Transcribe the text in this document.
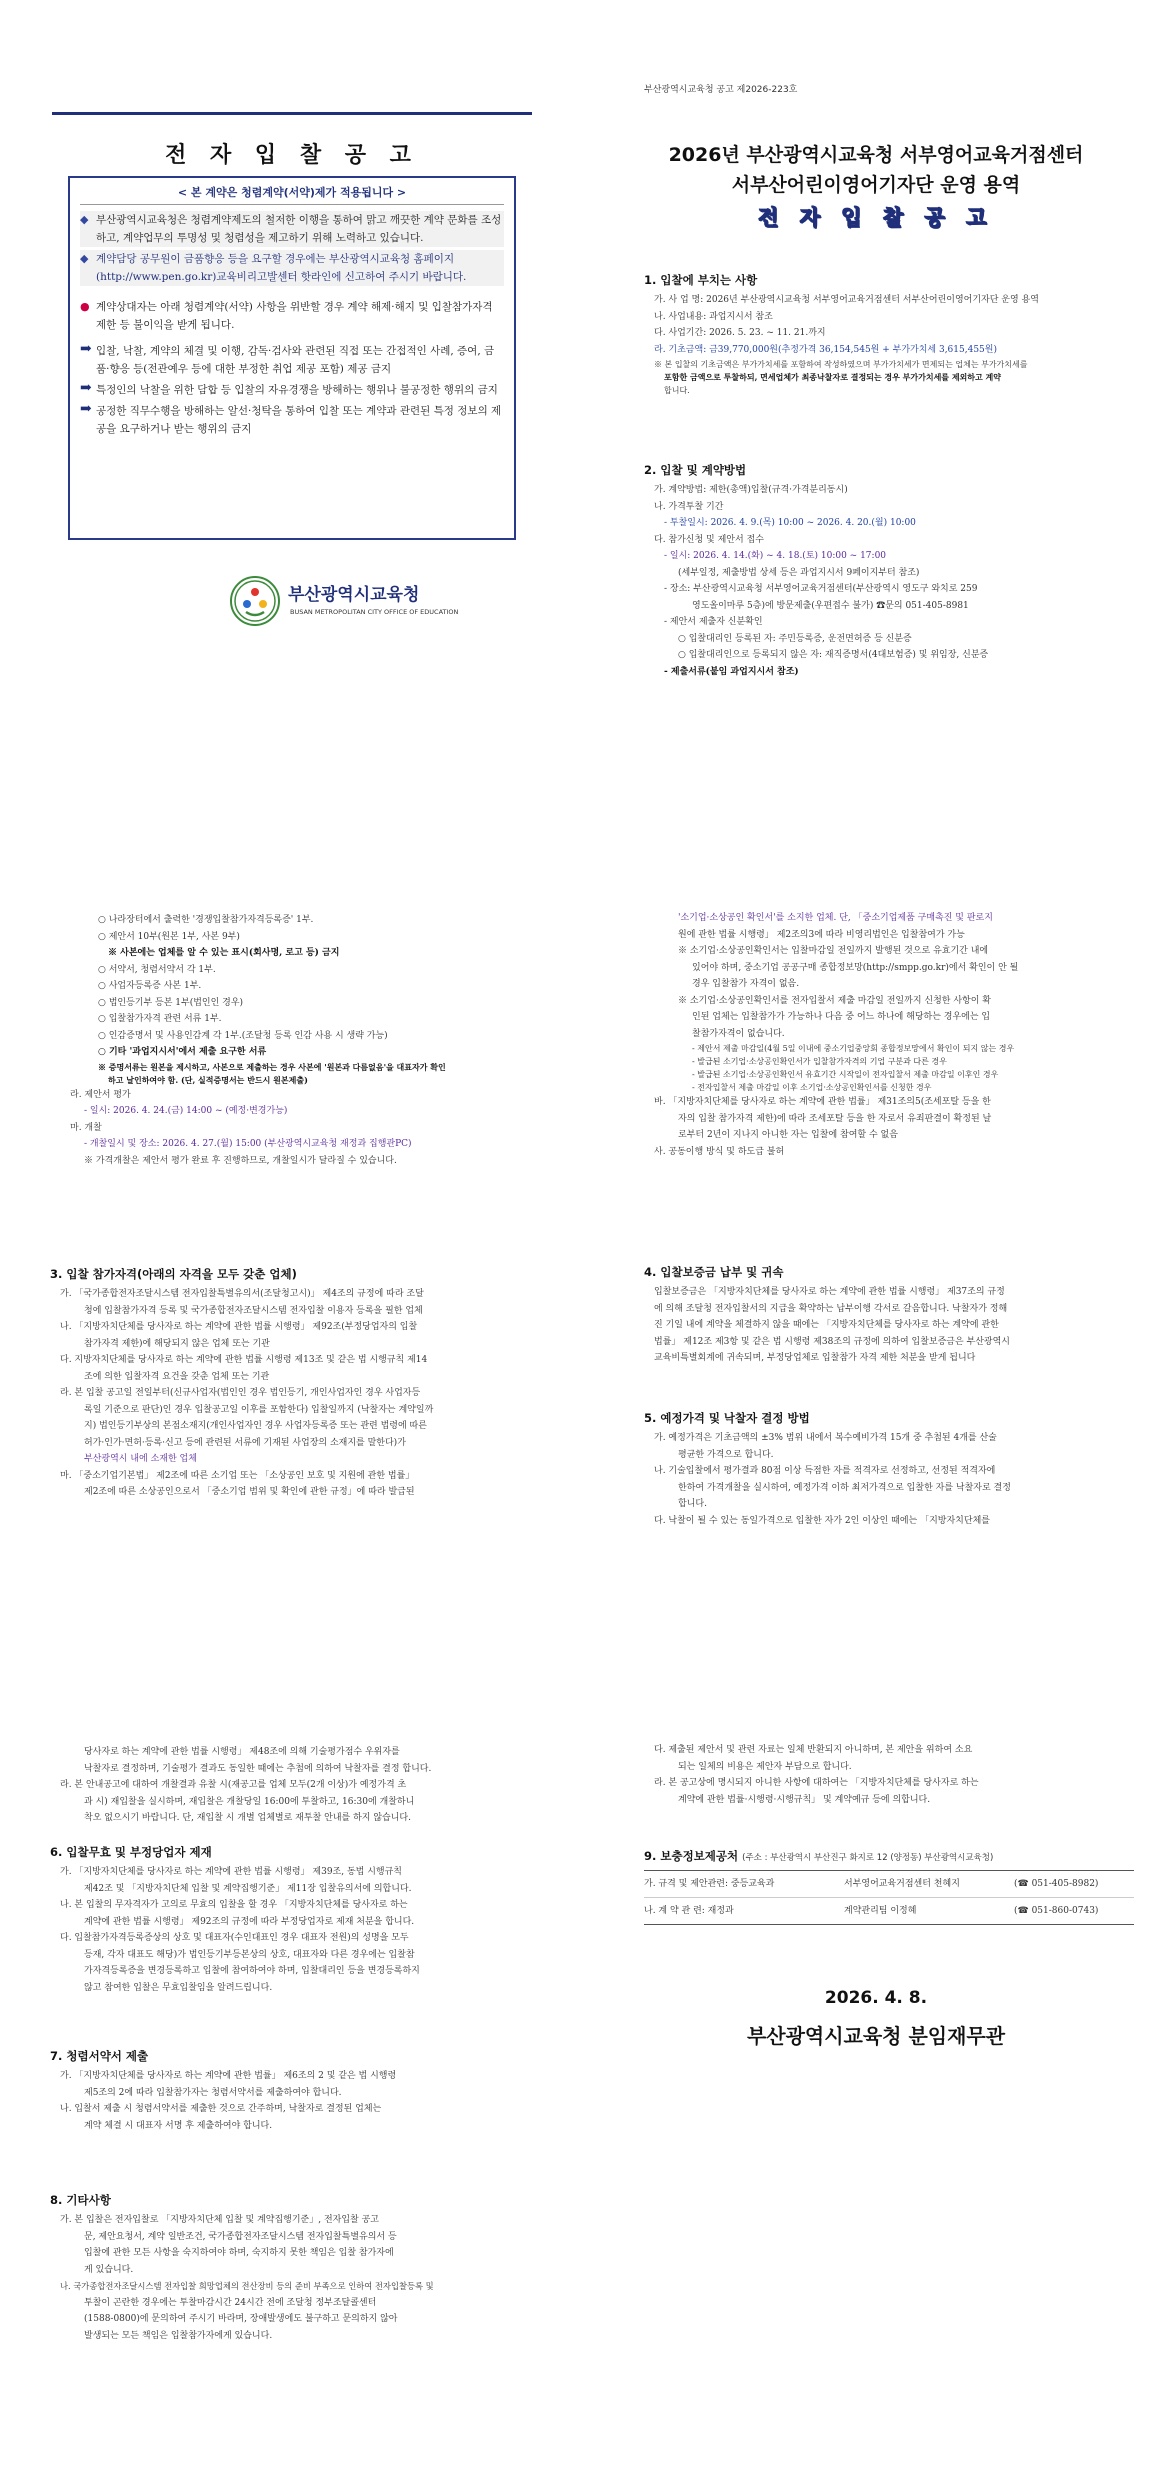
전 자 입 찰 공 고
< 본 계약은 청렴계약(서약)제가 적용됩니다 >
◆ 부산광역시교육청은 청렴계약제도의 철저한 이행을 통하여 맑고 깨끗한 계약 문화를 조성하고, 계약업무의 투명성 및 청렴성을 제고하기 위해 노력하고 있습니다.
◆ 계약담당 공무원이 금품향응 등을 요구할 경우에는 부산광역시교육청 홈페이지(http://www.pen.go.kr)교육비리고발센터 핫라인에 신고하여 주시기 바랍니다.
● 계약상대자는 아래 청렴계약(서약) 사항을 위반할 경우 계약 해제·해지 및 입찰참가자격 제한 등 불이익을 받게 됩니다.
➡ 입찰, 낙찰, 계약의 체결 및 이행, 감독·검사와 관련된 직접 또는 간접적인 사례, 증여, 금품·향응 등(전관예우 등에 대한 부정한 취업 제공 포함) 제공 금지
➡ 특정인의 낙찰을 위한 담합 등 입찰의 자유경쟁을 방해하는 행위나 불공정한 행위의 금지
➡ 공정한 직무수행을 방해하는 알선·청탁을 통하여 입찰 또는 계약과 관련된 특정 정보의 제공을 요구하거나 받는 행위의 금지
부산광역시교육청
BUSAN METROPOLITAN CITY OFFICE OF EDUCATION
부산광역시교육청 공고 제2026-223호
2026년 부산광역시교육청 서부영어교육거점센터
서부산어린이영어기자단 운영 용역
전 자 입 찰 공 고
1. 입찰에 부치는 사항
가. 사 업 명: 2026년 부산광역시교육청 서부영어교육거점센터 서부산어린이영어기자단 운영 용역
나. 사업내용: 과업지시서 참조
다. 사업기간: 2026. 5. 23. ~ 11. 21.까지
라. 기초금액: 금39,770,000원(추정가격 36,154,545원 + 부가가치세 3,615,455원)
※ 본 입찰의 기초금액은 부가가치세를 포함하여 작성하였으며 부가가치세가 면제되는 업체는 부가가치세를
포함한 금액으로 투찰하되, 면세업체가 최종낙찰자로 결정되는 경우 부가가치세를 제외하고 계약
합니다.
2. 입찰 및 계약방법
가. 계약방법: 제한(총액)입찰(규격·가격분리동시)
나. 가격투찰 기간
- 투찰일시: 2026. 4. 9.(목) 10:00 ~ 2026. 4. 20.(월) 10:00
다. 참가신청 및 제안서 접수
- 일시: 2026. 4. 14.(화) ~ 4. 18.(토) 10:00 ~ 17:00
(세부일정, 제출방법 상세 등은 과업지시서 9페이지부터 참조)
- 장소: 부산광역시교육청 서부영어교육거점센터(부산광역시 영도구 와치로 259
영도올이마루 5층)에 방문제출(우편접수 불가) ☎문의 051-405-8981
- 제안서 제출자 신분확인
○ 입찰대리인 등록된 자: 주민등록증, 운전면허증 등 신분증
○ 입찰대리인으로 등록되지 않은 자: 재직증명서(4대보험증) 및 위임장, 신분증
- 제출서류(붙임 과업지시서 참조)
○ 나라장터에서 출력한 '경쟁입찰참가자격등록증' 1부.
○ 제안서 10부(원본 1부, 사본 9부)
※ 사본에는 업체를 알 수 있는 표시(회사명, 로고 등) 금지
○ 서약서, 청렴서약서 각 1부.
○ 사업자등록증 사본 1부.
○ 법인등기부 등본 1부(법인인 경우)
○ 입찰참가자격 관련 서류 1부.
○ 인감증명서 및 사용인감계 각 1부.(조달청 등록 인감 사용 시 생략 가능)
○ 기타 '과업지시서'에서 제출 요구한 서류
※ 증명서류는 원본을 제시하고, 사본으로 제출하는 경우 사본에 '원본과 다름없음'을 대표자가 확인
하고 날인하여야 함. (단, 실적증명서는 반드시 원본제출)
라. 제안서 평가
- 일시: 2026. 4. 24.(금) 14:00 ~ (예정·변경가능)
마. 개찰
- 개찰일시 및 장소: 2026. 4. 27.(월) 15:00 (부산광역시교육청 재정과 집행관PC)
※ 가격개찰은 제안서 평가 완료 후 진행하므로, 개찰일시가 달라질 수 있습니다.
3. 입찰 참가자격(아래의 자격을 모두 갖춘 업체)
가. 「국가종합전자조달시스템 전자입찰특별유의서(조달청고시)」 제4조의 규정에 따라 조달
청에 입찰참가자격 등록 및 국가종합전자조달시스템 전자입찰 이용자 등록을 필한 업체
나. 「지방자치단체를 당사자로 하는 계약에 관한 법률 시행령」 제92조(부정당업자의 입찰
참가자격 제한)에 해당되지 않은 업체 또는 기관
다. 지방자치단체를 당사자로 하는 계약에 관한 법률 시행령 제13조 및 같은 법 시행규칙 제14
조에 의한 입찰자격 요건을 갖춘 업체 또는 기관
라. 본 입찰 공고일 전일부터(신규사업자(법인인 경우 법인등기, 개인사업자인 경우 사업자등
록일 기준으로 판단)인 경우 입찰공고일 이후를 포함한다) 입찰일까지 (낙찰자는 계약일까
지) 법인등기부상의 본점소재지(개인사업자인 경우 사업자등록증 또는 관련 법령에 따른
허가·인가·면허·등록·신고 등에 관련된 서류에 기재된 사업장의 소재지를 말한다)가
부산광역시 내에 소재한 업체
마. 「중소기업기본법」 제2조에 따른 소기업 또는 「소상공인 보호 및 지원에 관한 법률」
제2조에 따른 소상공인으로서 「중소기업 범위 및 확인에 관한 규정」에 따라 발급된
'소기업·소상공인 확인서'를 소지한 업체. 단, 「중소기업제품 구매촉진 및 판로지
원에 관한 법률 시행령」 제2조의3에 따라 비영리법인은 입찰참여가 가능
※ 소기업·소상공인확인서는 입찰마감일 전일까지 발행된 것으로 유효기간 내에
있어야 하며, 중소기업 공공구매 종합정보망(http://smpp.go.kr)에서 확인이 안 될
경우 입찰참가 자격이 없음.
※ 소기업·소상공인확인서를 전자입찰서 제출 마감일 전일까지 신청한 사항이 확
인된 업체는 입찰참가가 가능하나 다음 중 어느 하나에 해당하는 경우에는 입
찰참가자격이 없습니다.
- 제안서 제출 마감일(4월 5일 이내에 중소기업중앙회 종합정보망에서 확인이 되지 않는 경우
- 발급된 소기업·소상공인확인서가 입찰참가자격의 기업 구분과 다른 경우
- 발급된 소기업·소상공인확인서 유효기간 시작일이 전자입찰서 제출 마감일 이후인 경우
- 전자입찰서 제출 마감일 이후 소기업·소상공인확인서를 신청한 경우
바. 「지방자치단체를 당사자로 하는 계약에 관한 법률」 제31조의5(조세포탈 등을 한
자의 입찰 참가자격 제한)에 따라 조세포탈 등을 한 자로서 유죄판결이 확정된 날
로부터 2년이 지나지 아니한 자는 입찰에 참여할 수 없음
사. 공동이행 방식 및 하도급 불허
4. 입찰보증금 납부 및 귀속
입찰보증금은 「지방자치단체를 당사자로 하는 계약에 관한 법률 시행령」 제37조의 규정
에 의해 조달청 전자입찰서의 지급을 확약하는 납부이행 각서로 갈음합니다. 낙찰자가 정해
진 기일 내에 계약을 체결하지 않을 때에는 「지방자치단체를 당사자로 하는 계약에 관한
법률」 제12조 제3항 및 같은 법 시행령 제38조의 규정에 의하여 입찰보증금은 부산광역시
교육비특별회계에 귀속되며, 부정당업체로 입찰참가 자격 제한 처분을 받게 됩니다
5. 예정가격 및 낙찰자 결정 방법
가. 예정가격은 기초금액의 ±3% 범위 내에서 복수예비가격 15개 중 추첨된 4개를 산술
평균한 가격으로 합니다.
나. 기술입찰에서 평가결과 80점 이상 득점한 자를 적격자로 선정하고, 선정된 적격자에
한하여 가격개찰을 실시하여, 예정가격 이하 최저가격으로 입찰한 자를 낙찰자로 결정
합니다.
다. 낙찰이 될 수 있는 동일가격으로 입찰한 자가 2인 이상인 때에는 「지방자치단체를
당사자로 하는 계약에 관한 법률 시행령」 제48조에 의해 기술평가점수 우위자를
낙찰자로 결정하며, 기술평가 결과도 동일한 때에는 추첨에 의하여 낙찰자를 결정 합니다.
라. 본 안내공고에 대하여 개찰결과 유찰 시(재공고를 업체 모두(2개 이상)가 예정가격 초
과 시) 재입찰을 실시하며, 재입찰은 개찰당일 16:00에 투찰하고, 16:30에 개찰하니
착오 없으시기 바랍니다. 단, 재입찰 시 개별 업체별로 재투찰 안내를 하지 않습니다.
6. 입찰무효 및 부정당업자 제재
가. 「지방자치단체를 당사자로 하는 계약에 관한 법률 시행령」 제39조, 동법 시행규칙
제42조 및 「지방자치단체 입찰 및 계약집행기준」 제11장 입찰유의서에 의합니다.
나. 본 입찰의 무자격자가 고의로 무효의 입찰을 할 경우 「지방자치단체를 당사자로 하는
계약에 관한 법률 시행령」 제92조의 규정에 따라 부정당업자로 제재 처분을 합니다.
다. 입찰참가자격등록증상의 상호 및 대표자(수인대표인 경우 대표자 전원)의 성명을 모두
등재, 각자 대표도 해당)가 법인등기부등본상의 상호, 대표자와 다른 경우에는 입찰참
가자격등록증을 변경등록하고 입찰에 참여하여야 하며, 입찰대리인 등을 변경등록하지
않고 참여한 입찰은 무효입찰임을 알려드립니다.
7. 청렴서약서 제출
가. 「지방자치단체를 당사자로 하는 계약에 관한 법률」 제6조의 2 및 같은 법 시행령
제5조의 2에 따라 입찰참가자는 청렴서약서를 제출하여야 합니다.
나. 입찰서 제출 시 청렴서약서를 제출한 것으로 간주하며, 낙찰자로 결정된 업체는
계약 체결 시 대표자 서명 후 제출하여야 합니다.
8. 기타사항
가. 본 입찰은 전자입찰로 「지방자치단체 입찰 및 계약집행기준」, 전자입찰 공고
문, 제안요청서, 계약 일반조건, 국가종합전자조달시스템 전자입찰특별유의서 등
입찰에 관한 모든 사항을 숙지하여야 하며, 숙지하지 못한 책임은 입찰 참가자에
게 있습니다.
나. 국가종합전자조달시스템 전자입찰 희망업체의 전산장비 등의 준비 부족으로 인하여 전자입찰등록 및
투찰이 곤란한 경우에는 투찰마감시간 24시간 전에 조달청 정부조달콜센터
(1588-0800)에 문의하여 주시기 바라며, 장애발생에도 불구하고 문의하지 않아
발생되는 모든 책임은 입찰참가자에게 있습니다.
다. 제출된 제안서 및 관련 자료는 일체 반환되지 아니하며, 본 제안을 위하여 소요
되는 일체의 비용은 제안자 부담으로 합니다.
라. 본 공고상에 명시되지 아니한 사항에 대하여는 「지방자치단체를 당사자로 하는
계약에 관한 법률·시행령·시행규칙」 및 계약예규 등에 의합니다.
9. 보충정보제공처 (주소 : 부산광역시 부산진구 화지로 12 (양정동) 부산광역시교육청)
가. 규격 및 제안관련: 중등교육과	서부영어교육거점센터 천혜지	(☎ 051-405-8982)
나. 계 약 관 련: 재정과	계약관리팀 이정혜	(☎ 051-860-0743)
2026. 4. 8.
부산광역시교육청 분임재무관
